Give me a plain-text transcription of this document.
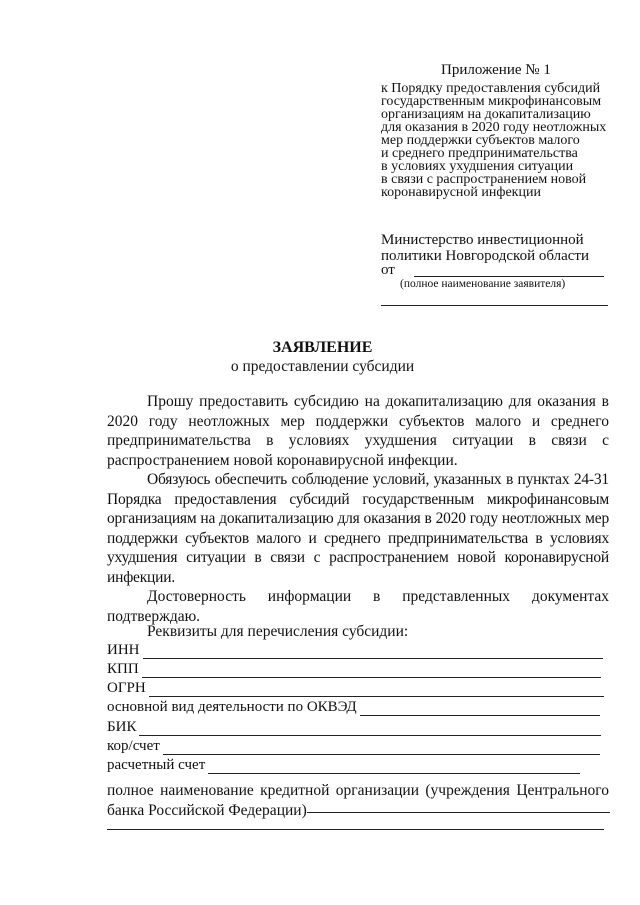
Приложение № 1
к Порядку предоставления субсидий
государственным микрофинансовым
организациям на докапитализацию
для оказания в 2020 году неотложных
мер поддержки субъектов малого
и среднего предпринимательства
в условиях ухудшения ситуации
в связи с распространением новой
коронавирусной инфекции
Министерство инвестиционной
политики Новгородской области
от
(полное наименование заявителя)
ЗАЯВЛЕНИЕ
о предоставлении субсидии

Прошу предоставить субсидию на докапитализацию для оказания в 2020 году неотложных мер поддержки субъектов малого и среднего предпринимательства в условиях ухудшения ситуации в связи с распространением новой коронавирусной инфекции.

Обязуюсь обеспечить соблюдение условий, указанных в пунктах 24-31 Порядка предоставления субсидий государственным микрофинансовым организациям на докапитализацию для оказания в 2020 году неотложных мер поддержки субъектов малого и среднего предпринимательства в условиях ухудшения ситуации в связи с распространением новой коронавирусной инфекции.

Достоверность информации в представленных документах подтверждаю.

Реквизиты для перечисления субсидии:
ИНН
КПП
ОГРН
основной вид деятельности по ОКВЭД
БИК
кор/счет
расчетный счет
полное наименование кредитной организации (учреждения Центрального банка Российской Федерации)
